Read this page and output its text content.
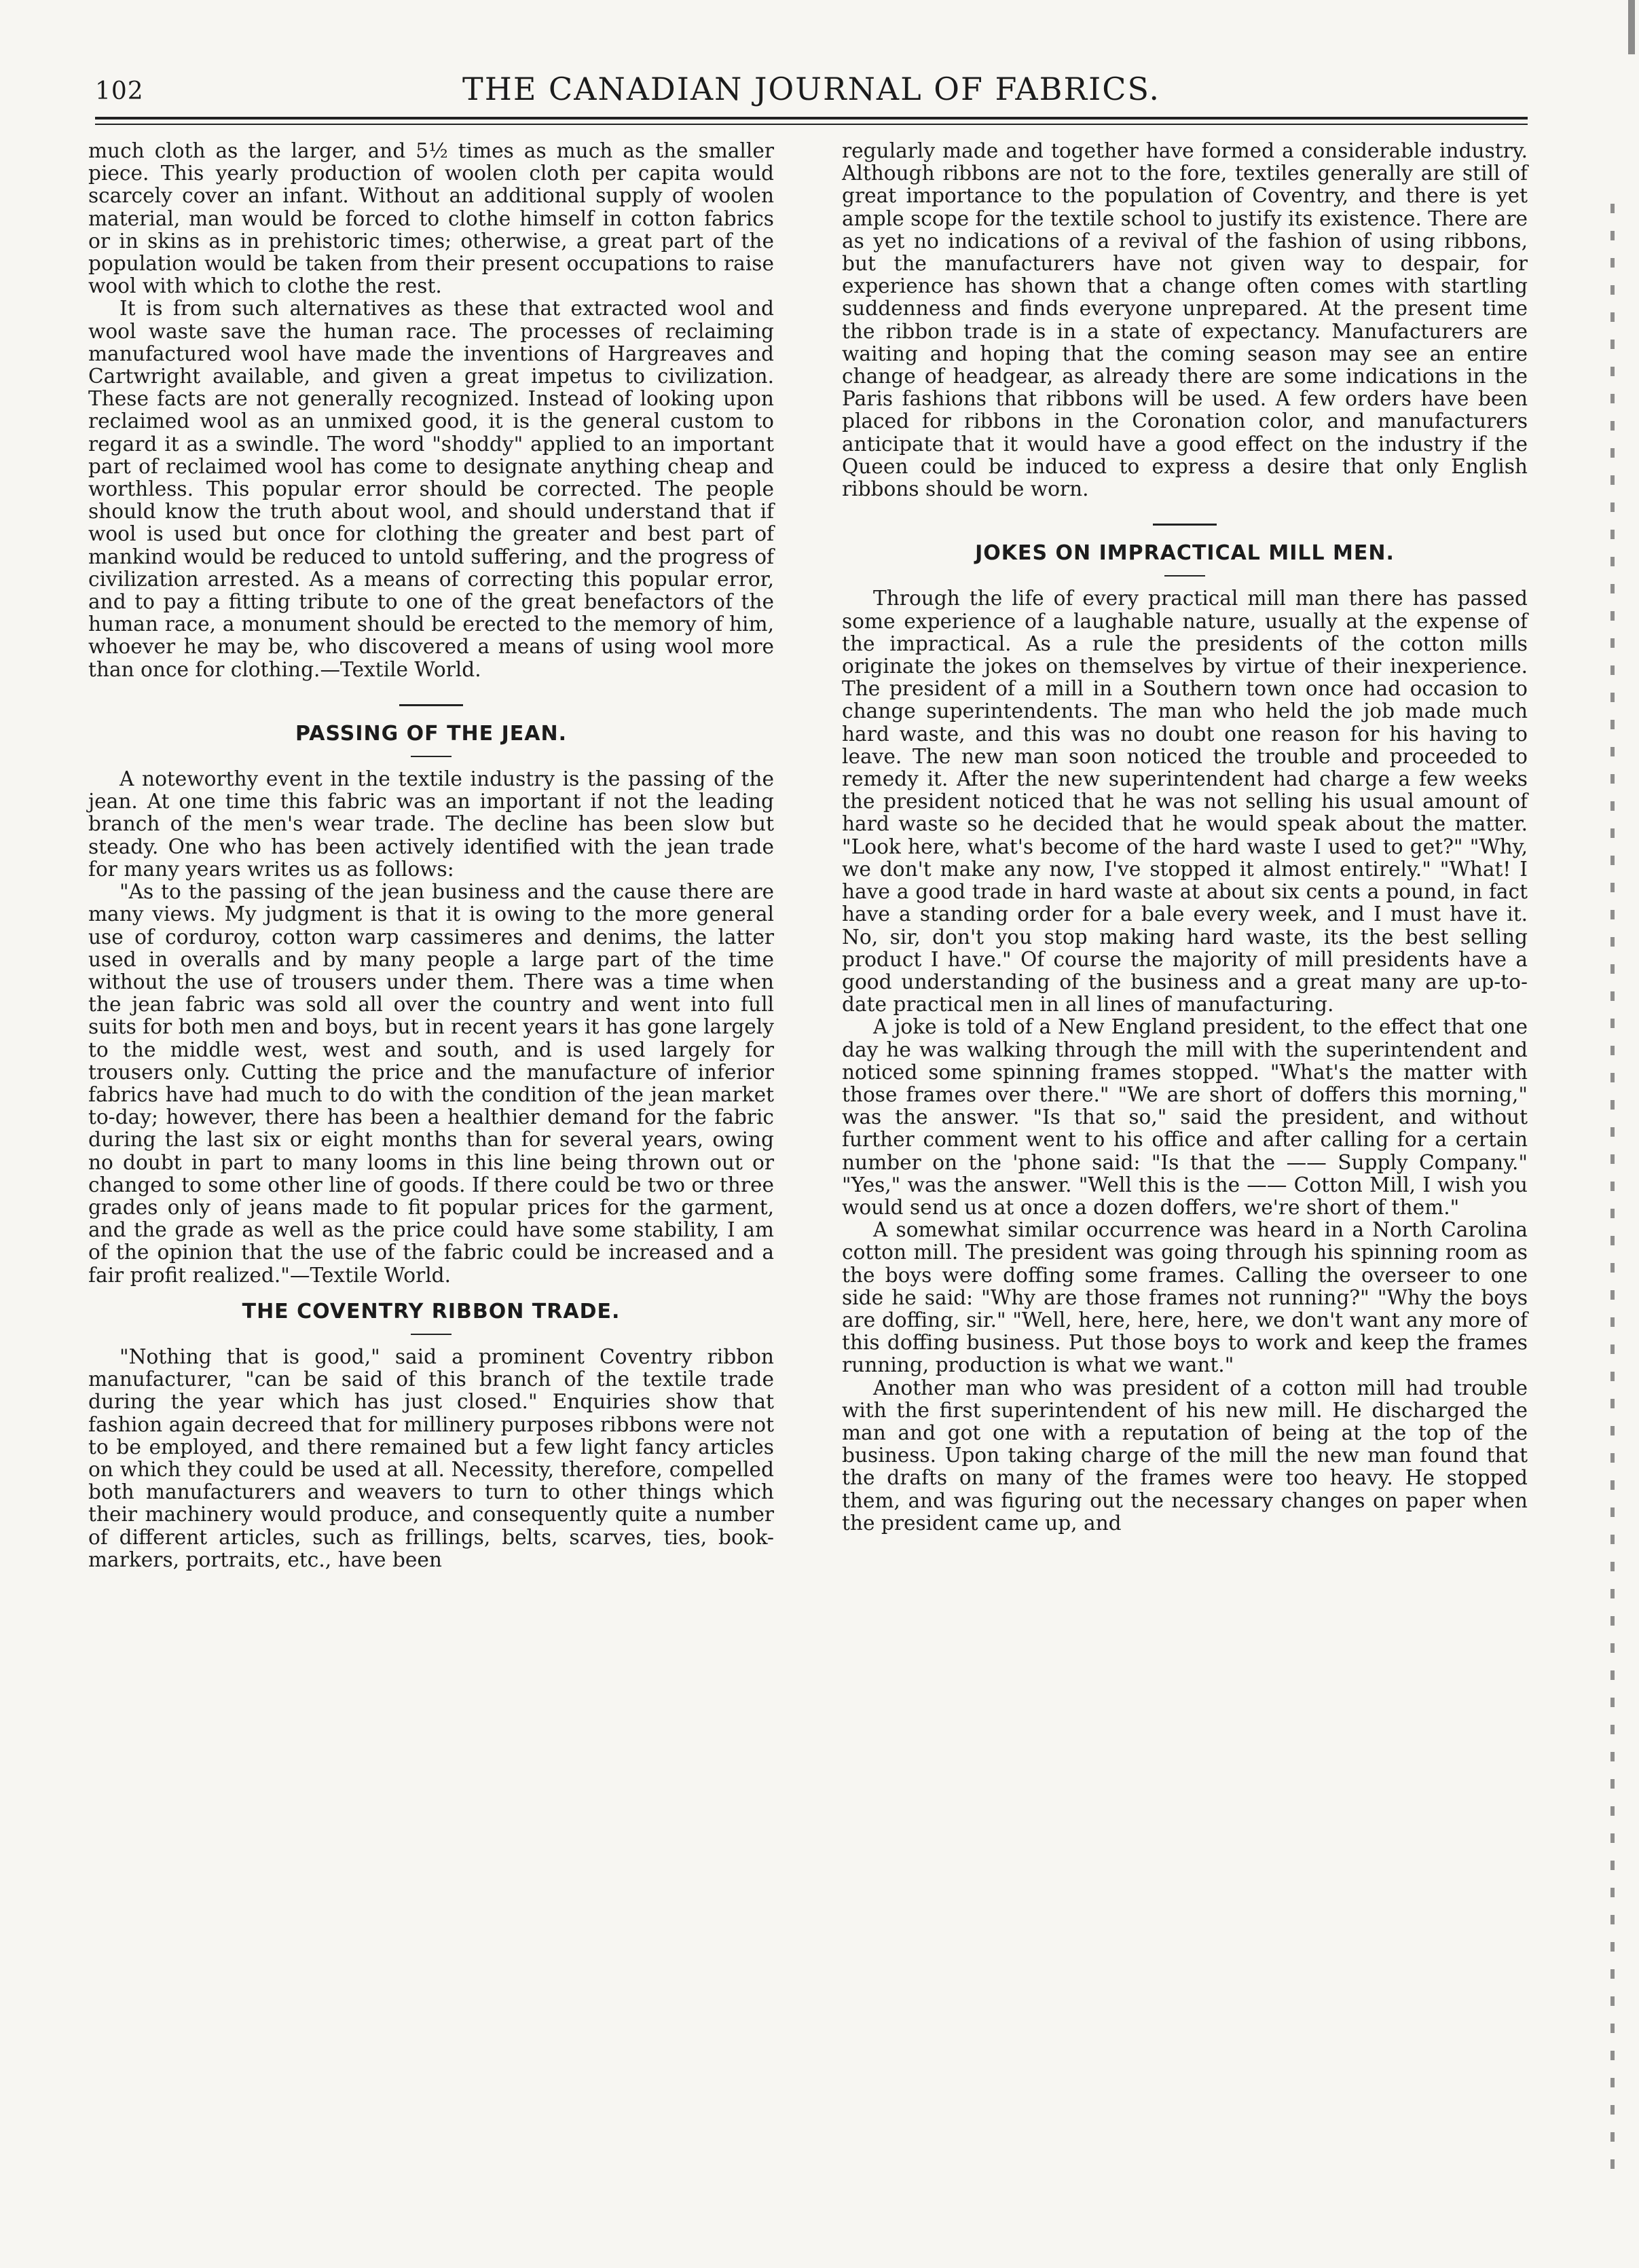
102	THE CANADIAN JOURNAL OF FABRICS.

much cloth as the larger, and 5½ times as much as the smaller piece. This yearly production of woolen cloth per capita would scarcely cover an infant. Without an additional supply of woolen material, man would be forced to clothe himself in cotton fabrics or in skins as in prehistoric times; otherwise, a great part of the population would be taken from their present occupations to raise wool with which to clothe the rest.

It is from such alternatives as these that extracted wool and wool waste save the human race. The processes of reclaiming manufactured wool have made the inventions of Hargreaves and Cartwright available, and given a great impetus to civilization. These facts are not generally recognized. Instead of looking upon reclaimed wool as an unmixed good, it is the general custom to regard it as a swindle. The word "shoddy" applied to an important part of reclaimed wool has come to designate anything cheap and worthless. This popular error should be corrected. The people should know the truth about wool, and should understand that if wool is used but once for clothing the greater and best part of mankind would be reduced to untold suffering, and the progress of civilization arrested. As a means of correcting this popular error, and to pay a fitting tribute to one of the great benefactors of the human race, a monument should be erected to the memory of him, whoever he may be, who discovered a means of using wool more than once for clothing.—Textile World.

PASSING OF THE JEAN.

A noteworthy event in the textile industry is the passing of the jean. At one time this fabric was an important if not the leading branch of the men's wear trade. The decline has been slow but steady. One who has been actively identified with the jean trade for many years writes us as follows:

"As to the passing of the jean business and the cause there are many views. My judgment is that it is owing to the more general use of corduroy, cotton warp cassimeres and denims, the latter used in overalls and by many people a large part of the time without the use of trousers under them. There was a time when the jean fabric was sold all over the country and went into full suits for both men and boys, but in recent years it has gone largely to the middle west, west and south, and is used largely for trousers only. Cutting the price and the manufacture of inferior fabrics have had much to do with the condition of the jean market to-day; however, there has been a healthier demand for the fabric during the last six or eight months than for several years, owing no doubt in part to many looms in this line being thrown out or changed to some other line of goods. If there could be two or three grades only of jeans made to fit popular prices for the garment, and the grade as well as the price could have some stability, I am of the opinion that the use of the fabric could be increased and a fair profit realized."—Textile World.

THE COVENTRY RIBBON TRADE.

"Nothing that is good," said a prominent Coventry ribbon manufacturer, "can be said of this branch of the textile trade during the year which has just closed." Enquiries show that fashion again decreed that for millinery purposes ribbons were not to be employed, and there remained but a few light fancy articles on which they could be used at all. Necessity, therefore, compelled both manufacturers and weavers to turn to other things which their machinery would produce, and consequently quite a number of different articles, such as frillings, belts, scarves, ties, book-markers, portraits, etc., have been

regularly made and together have formed a considerable industry. Although ribbons are not to the fore, textiles generally are still of great importance to the population of Coventry, and there is yet ample scope for the textile school to justify its existence. There are as yet no indications of a revival of the fashion of using ribbons, but the manufacturers have not given way to despair, for experience has shown that a change often comes with startling suddenness and finds everyone unprepared. At the present time the ribbon trade is in a state of expectancy. Manufacturers are waiting and hoping that the coming season may see an entire change of headgear, as already there are some indications in the Paris fashions that ribbons will be used. A few orders have been placed for ribbons in the Coronation color, and manufacturers anticipate that it would have a good effect on the industry if the Queen could be induced to express a desire that only English ribbons should be worn.

JOKES ON IMPRACTICAL MILL MEN.

Through the life of every practical mill man there has passed some experience of a laughable nature, usually at the expense of the impractical. As a rule the presidents of the cotton mills originate the jokes on themselves by virtue of their inexperience. The president of a mill in a Southern town once had occasion to change superintendents. The man who held the job made much hard waste, and this was no doubt one reason for his having to leave. The new man soon noticed the trouble and proceeded to remedy it. After the new superintendent had charge a few weeks the president noticed that he was not selling his usual amount of hard waste so he decided that he would speak about the matter. "Look here, what's become of the hard waste I used to get?" "Why, we don't make any now, I've stopped it almost entirely." "What! I have a good trade in hard waste at about six cents a pound, in fact have a standing order for a bale every week, and I must have it. No, sir, don't you stop making hard waste, its the best selling product I have." Of course the majority of mill presidents have a good understanding of the business and a great many are up-to-date practical men in all lines of manufacturing.

A joke is told of a New England president, to the effect that one day he was walking through the mill with the superintendent and noticed some spinning frames stopped. "What's the matter with those frames over there." "We are short of doffers this morning," was the answer. "Is that so," said the president, and without further comment went to his office and after calling for a certain number on the 'phone said: "Is that the —— Supply Company." "Yes," was the answer. "Well this is the —— Cotton Mill, I wish you would send us at once a dozen doffers, we're short of them."

A somewhat similar occurrence was heard in a North Carolina cotton mill. The president was going through his spinning room as the boys were doffing some frames. Calling the overseer to one side he said: "Why are those frames not running?" "Why the boys are doffing, sir." "Well, here, here, here, we don't want any more of this doffing business. Put those boys to work and keep the frames running, production is what we want."

Another man who was president of a cotton mill had trouble with the first superintendent of his new mill. He discharged the man and got one with a reputation of being at the top of the business. Upon taking charge of the mill the new man found that the drafts on many of the frames were too heavy. He stopped them, and was figuring out the necessary changes on paper when the president came up, and
